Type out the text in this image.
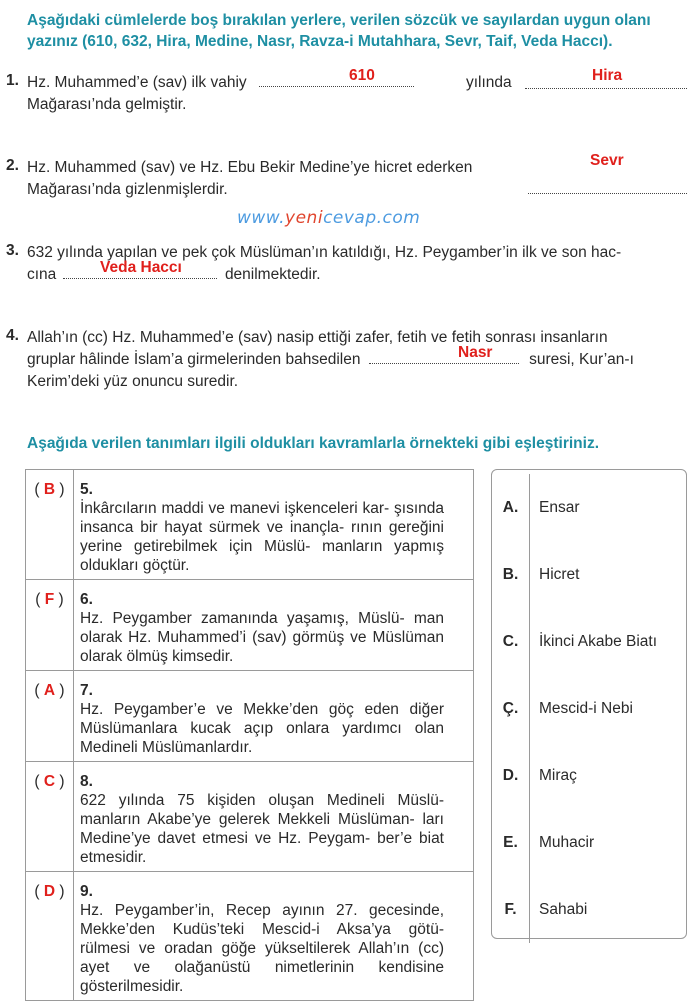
Aşağıdaki cümlelerde boş bırakılan yerlere, verilen sözcük ve sayılardan uygun olanı
yazınız (610, 632, Hira, Medine, Nasr, Ravza-i Mutahhara, Sevr, Taif, Veda Haccı).
1. Hz. Muhammed’e (sav) ilk vahiy	yılında
610	Hira
Mağarası’nda gelmiştir.
2. Hz. Muhammed (sav) ve Hz. Ebu Bekir Medine’ye hicret ederken	Sevr
Mağarası’nda gizlenmişlerdir.
www.yenicevap.com
3. 632 yılında yapılan ve pek çok Müslüman’ın katıldığı, Hz. Peygamber’in ilk ve son hac-
cına	denilmektedir.
Veda Haccı
4. Allah’ın (cc) Hz. Muhammed’e (sav) nasip ettiği zafer, fetih ve fetih sonrası insanların
gruplar hâlinde İslam’a girmelerinden bahsedilen	suresi, Kur’an-ı
Nasr
Kerim’deki yüz onuncu suredir.
Aşağıda verilen tanımları ilgili oldukları kavramlarla örnekteki gibi eşleştiriniz.
( B )	5.İnkârcıların maddi ve manevi işkenceleri kar- şısında insanca bir hayat sürmek ve inançla- rının gereğini yerine getirebilmek için Müslü- manların yapmış oldukları göçtür.
( F )	6.Hz. Peygamber zamanında yaşamış, Müslü- man olarak Hz. Muhammed’i (sav) görmüş ve Müslüman olarak ölmüş kimsedir.
( A )	7.Hz. Peygamber’e ve Mekke’den göç eden diğer Müslümanlara kucak açıp onlara yardımcı olan Medineli Müslümanlardır.
( C )	8.622 yılında 75 kişiden oluşan Medineli Müslü- manların Akabe’ye gelerek Mekkeli Müslüman- ları Medine’ye davet etmesi ve Hz. Peygam- ber’e biat etmesidir.
( D )	9.Hz. Peygamber’in, Recep ayının 27. gecesinde, Mekke’den Kudüs’teki Mescid-i Aksa’ya götü- rülmesi ve oradan göğe yükseltilerek Allah’ın (cc) ayet ve olağanüstü nimetlerinin kendisine gösterilmesidir.
A.	Ensar
B.	Hicret
C.	İkinci Akabe Biatı
Ç.	Mescid-i Nebi
D.	Miraç
E.	Muhacir
F.	Sahabi
